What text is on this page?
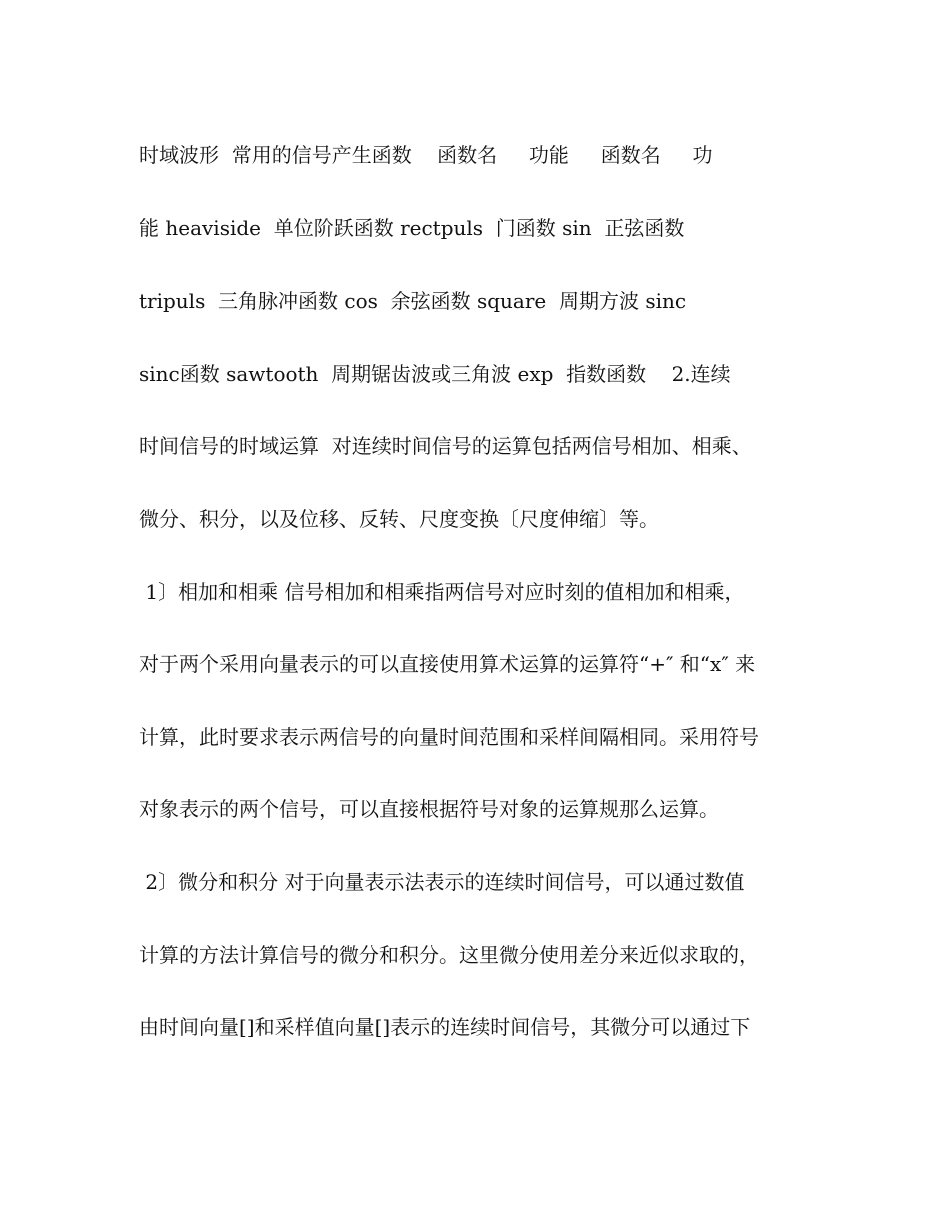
时域波形  常用的信号产生函数    函数名     功能     函数名     功
能 heaviside  单位阶跃函数 rectpuls  门函数 sin  正弦函数
tripuls  三角脉冲函数 cos  余弦函数 square  周期方波 sinc
sinc函数 sawtooth  周期锯齿波或三角波 exp  指数函数    2.连续
时间信号的时域运算  对连续时间信号的运算包括两信号相加、相乘、
微分、积分，以及位移、反转、尺度变换〔尺度伸缩〕等。
1〕相加和相乘 信号相加和相乘指两信号对应时刻的值相加和相乘，
对于两个采用向量表示的可以直接使用算术运算的运算符“+″ 和“x″ 来
计算，此时要求表示两信号的向量时间范围和采样间隔相同。采用符号
对象表示的两个信号，可以直接根据符号对象的运算规那么运算。
2〕微分和积分 对于向量表示法表示的连续时间信号，可以通过数值
计算的方法计算信号的微分和积分。这里微分使用差分来近似求取的，
由时间向量[]和采样值向量[]表示的连续时间信号，其微分可以通过下
